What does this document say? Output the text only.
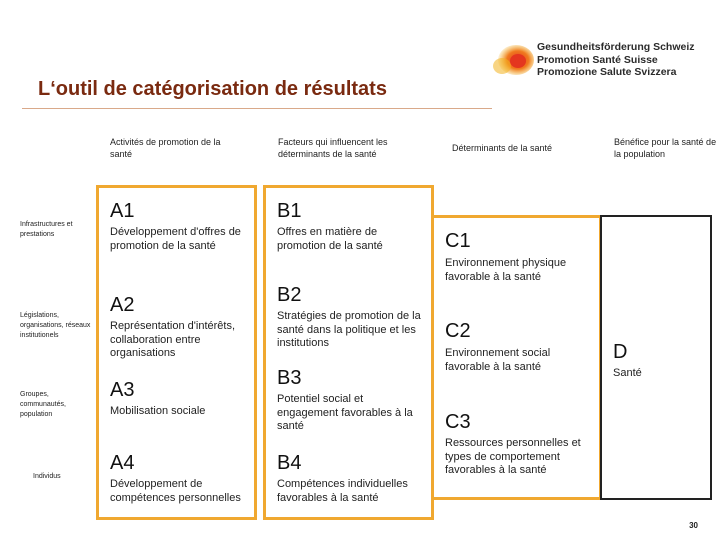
Gesundheitsförderung Schweiz
Promotion Santé Suisse
Promozione Salute Svizzera
L‘outil de catégorisation de résultats
Activités de promotion de la santé
Facteurs qui influencent les déterminants de la santé
Déterminants de la santé
Bénéfice pour la santé de la population
Infrastructures et prestations
Législations, organisations, réseaux institutionels
Groupes, communautés, population
Individus
A1
Développement d'offres de promotion de la santé
A2
Représentation d'intérêts, collaboration entre organisations
A3
Mobilisation sociale
A4
Développement de compétences personnelles
B1
Offres en matière de promotion de la santé
B2
Stratégies de promotion de la santé dans la politique et les institutions
B3
Potentiel social et engagement favorables à la santé
B4
Compétences individuelles favorables à la santé
C1
Environnement physique favorable à la santé
C2
Environnement social favorable à la santé
C3
Ressources personnelles et types de comportement favorables à la santé
D
Santé
30
